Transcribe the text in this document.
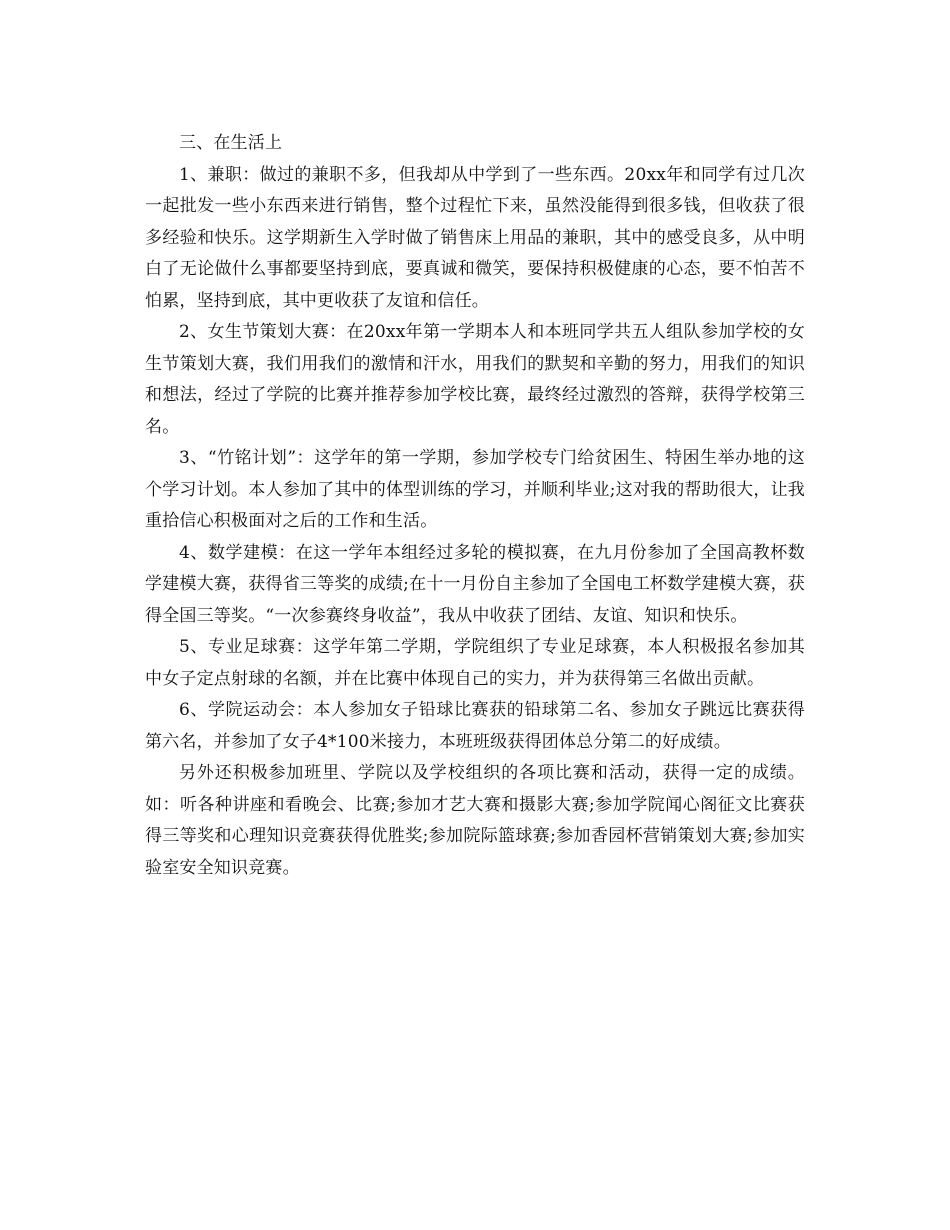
三、在生活上

1、兼职：做过的兼职不多，但我却从中学到了一些东西。20xx年和同学有过几次一起批发一些小东西来进行销售，整个过程忙下来，虽然没能得到很多钱，但收获了很多经验和快乐。这学期新生入学时做了销售床上用品的兼职，其中的感受良多，从中明白了无论做什么事都要坚持到底，要真诚和微笑，要保持积极健康的心态，要不怕苦不怕累，坚持到底，其中更收获了友谊和信任。

2、女生节策划大赛：在20xx年第一学期本人和本班同学共五人组队参加学校的女生节策划大赛，我们用我们的激情和汗水，用我们的默契和辛勤的努力，用我们的知识和想法，经过了学院的比赛并推荐参加学校比赛，最终经过激烈的答辩，获得学校第三名。

3、“竹铭计划”：这学年的第一学期，参加学校专门给贫困生、特困生举办地的这个学习计划。本人参加了其中的体型训练的学习，并顺利毕业;这对我的帮助很大，让我重拾信心积极面对之后的工作和生活。

4、数学建模：在这一学年本组经过多轮的模拟赛，在九月份参加了全国高教杯数学建模大赛，获得省三等奖的成绩;在十一月份自主参加了全国电工杯数学建模大赛，获得全国三等奖。“一次参赛终身收益”，我从中收获了团结、友谊、知识和快乐。

5、专业足球赛：这学年第二学期，学院组织了专业足球赛，本人积极报名参加其中女子定点射球的名额，并在比赛中体现自己的实力，并为获得第三名做出贡献。

6、学院运动会：本人参加女子铅球比赛获的铅球第二名、参加女子跳远比赛获得第六名，并参加了女子4*100米接力，本班班级获得团体总分第二的好成绩。

另外还积极参加班里、学院以及学校组织的各项比赛和活动，获得一定的成绩。如：听各种讲座和看晚会、比赛;参加才艺大赛和摄影大赛;参加学院闻心阁征文比赛获得三等奖和心理知识竞赛获得优胜奖;参加院际篮球赛;参加香园杯营销策划大赛;参加实验室安全知识竞赛。
